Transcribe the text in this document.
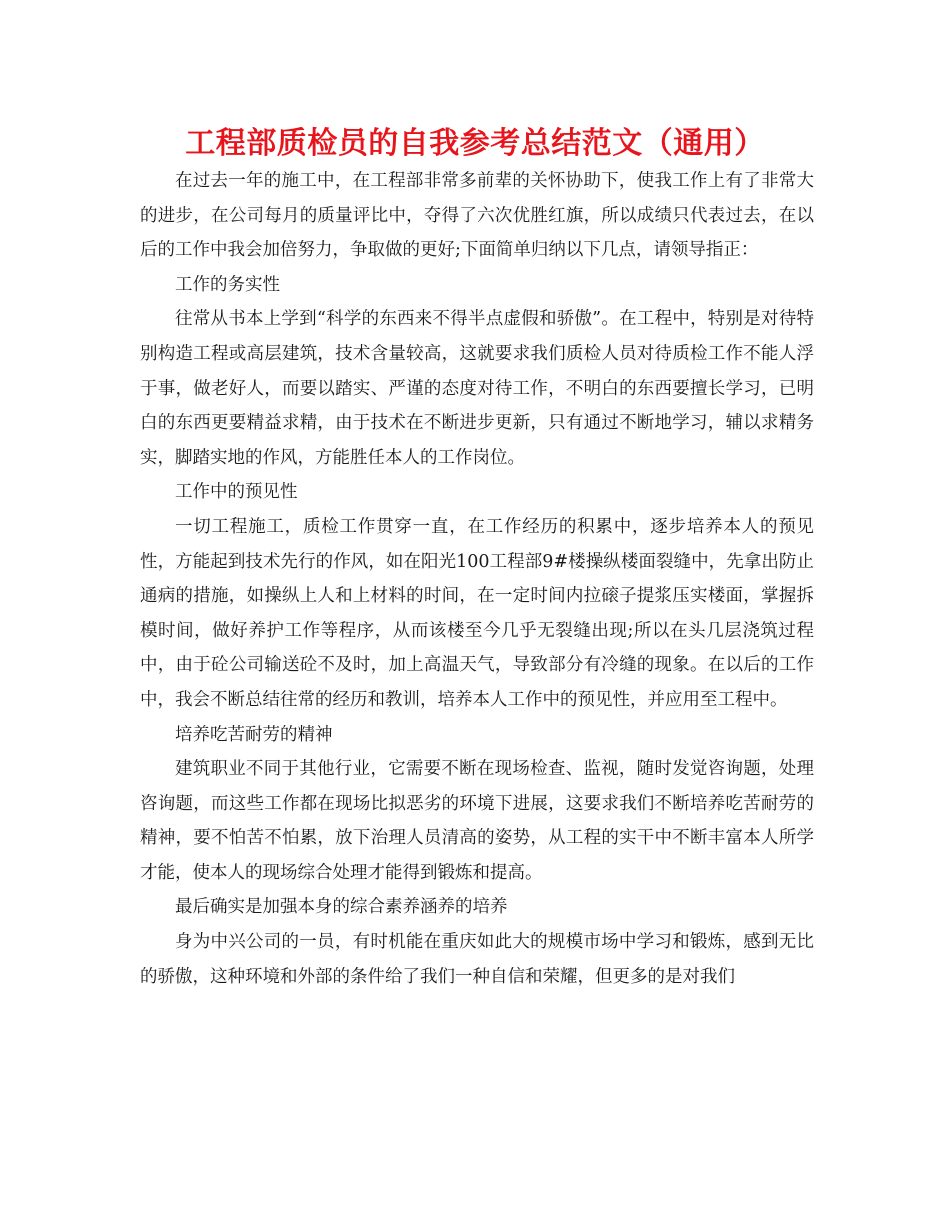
工程部质检员的自我参考总结范文（通用）

在过去一年的施工中，在工程部非常多前辈的关怀协助下，使我工作上有了非常大的进步，在公司每月的质量评比中，夺得了六次优胜红旗，所以成绩只代表过去，在以后的工作中我会加倍努力，争取做的更好;下面简单归纳以下几点，请领导指正：

工作的务实性

往常从书本上学到“科学的东西来不得半点虚假和骄傲”。在工程中，特别是对待特别构造工程或高层建筑，技术含量较高，这就要求我们质检人员对待质检工作不能人浮于事，做老好人，而要以踏实、严谨的态度对待工作，不明白的东西要擅长学习，已明白的东西更要精益求精，由于技术在不断进步更新，只有通过不断地学习，辅以求精务实，脚踏实地的作风，方能胜任本人的工作岗位。

工作中的预见性

一切工程施工，质检工作贯穿一直，在工作经历的积累中，逐步培养本人的预见性，方能起到技术先行的作风，如在阳光100工程部9#楼操纵楼面裂缝中，先拿出防止通病的措施，如操纵上人和上材料的时间，在一定时间内拉磙子提浆压实楼面，掌握拆模时间，做好养护工作等程序，从而该楼至今几乎无裂缝出现;所以在头几层浇筑过程中，由于砼公司输送砼不及时，加上高温天气，导致部分有冷缝的现象。在以后的工作中，我会不断总结往常的经历和教训，培养本人工作中的预见性，并应用至工程中。

培养吃苦耐劳的精神

建筑职业不同于其他行业，它需要不断在现场检查、监视，随时发觉咨询题，处理咨询题，而这些工作都在现场比拟恶劣的环境下进展，这要求我们不断培养吃苦耐劳的精神，要不怕苦不怕累，放下治理人员清高的姿势，从工程的实干中不断丰富本人所学才能，使本人的现场综合处理才能得到锻炼和提高。

最后确实是加强本身的综合素养涵养的培养

身为中兴公司的一员，有时机能在重庆如此大的规模市场中学习和锻炼，感到无比的骄傲，这种环境和外部的条件给了我们一种自信和荣耀，但更多的是对我们
